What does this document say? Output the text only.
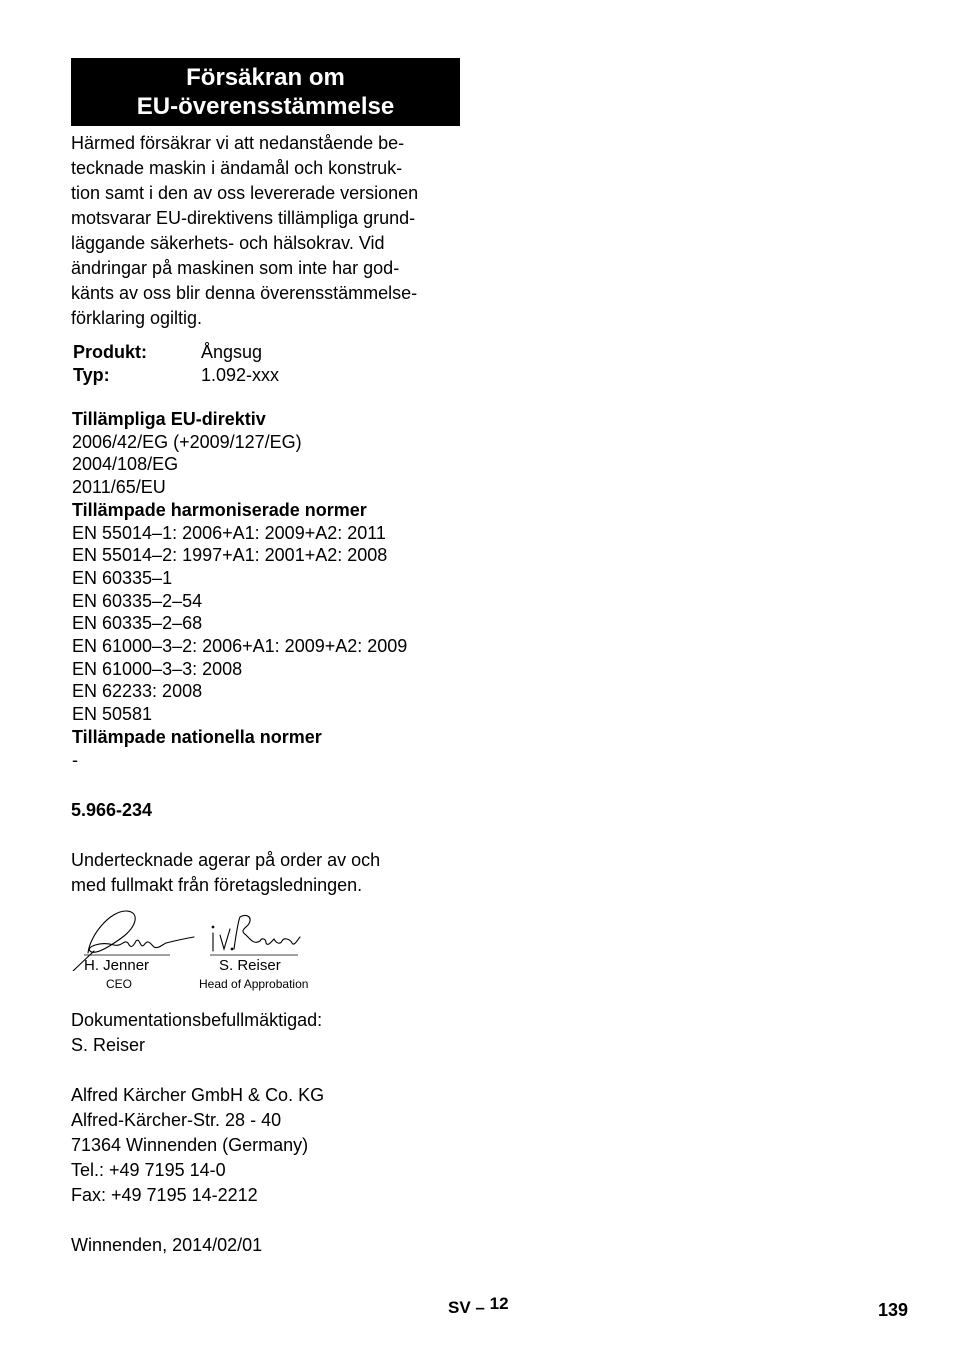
Försäkran om
EU-överensstämmelse

Härmed försäkrar vi att nedanstående be-
tecknade maskin i ändamål och konstruk-
tion samt i den av oss levererade versionen
motsvarar EU-direktivens tillämpliga grund-
läggande säkerhets- och hälsokrav. Vid
ändringar på maskinen som inte har god-
känts av oss blir denna överensstämmelse-
förklaring ogiltig.

Produkt:	Ångsug
Typ:	1.092-xxx
Tillämpliga EU-direktiv
2006/42/EG (+2009/127/EG)
2004/108/EG
2011/65/EU
Tillämpade harmoniserade normer
EN 55014–1: 2006+A1: 2009+A2: 2011
EN 55014–2: 1997+A1: 2001+A2: 2008
EN 60335–1
EN 60335–2–54
EN 60335–2–68
EN 61000–3–2: 2006+A1: 2009+A2: 2009
EN 61000–3–3: 2008
EN 62233: 2008
EN 50581
Tillämpade nationella normer
-
5.966-234
Undertecknade agerar på order av och
med fullmakt från företagsledningen.
H. Jenner
CEO
S. Reiser
Head of Approbation
Dokumentationsbefullmäktigad:
S. Reiser
Alfred Kärcher GmbH & Co. KG
Alfred-Kärcher-Str. 28 - 40
71364 Winnenden (Germany)
Tel.: +49 7195 14-0
Fax: +49 7195 14-2212
Winnenden, 2014/02/01
SV – 12	139
